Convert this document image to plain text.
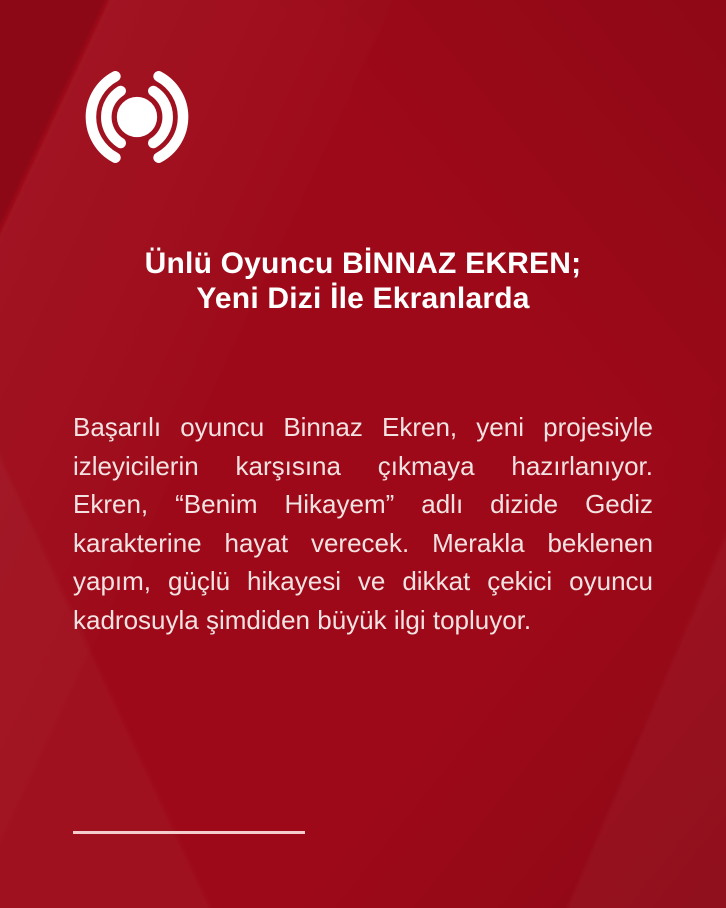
Ünlü Oyuncu BİNNAZ EKREN;
Yeni Dizi İle Ekranlarda
Başarılı oyuncu Binnaz Ekren, yeni projesiyle
izleyicilerin karşısına çıkmaya hazırlanıyor.
Ekren, “Benim Hikayem” adlı dizide Gediz
karakterine hayat verecek. Merakla beklenen
yapım, güçlü hikayesi ve dikkat çekici oyuncu
kadrosuyla şimdiden büyük ilgi topluyor.
